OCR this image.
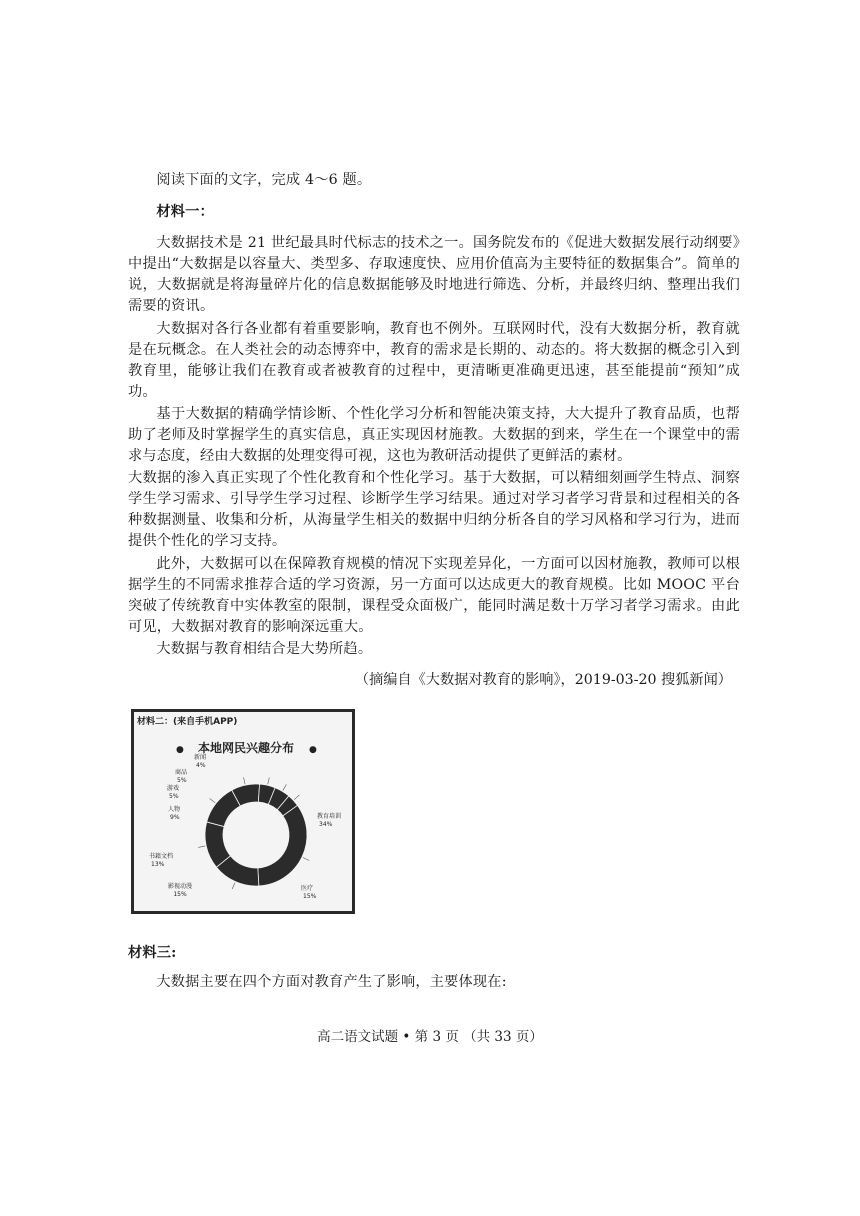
阅读下面的文字，完成 4～6 题。

材料一：

大数据技术是 21 世纪最具时代标志的技术之一。国务院发布的《促进大数据发展行动纲要》中提出“大数据是以容量大、类型多、存取速度快、应用价值高为主要特征的数据集合”。简单的说，大数据就是将海量碎片化的信息数据能够及时地进行筛选、分析，并最终归纳、整理出我们需要的资讯。

大数据对各行各业都有着重要影响，教育也不例外。互联网时代，没有大数据分析，教育就是在玩概念。在人类社会的动态博弈中，教育的需求是长期的、动态的。将大数据的概念引入到教育里，能够让我们在教育或者被教育的过程中，更清晰更准确更迅速，甚至能提前“预知”成功。

基于大数据的精确学情诊断、个性化学习分析和智能决策支持，大大提升了教育品质，也帮助了老师及时掌握学生的真实信息，真正实现因材施教。大数据的到来，学生在一个课堂中的需求与态度，经由大数据的处理变得可视，这也为教研活动提供了更鲜活的素材。

大数据的渗入真正实现了个性化教育和个性化学习。基于大数据，可以精细刻画学生特点、洞察学生学习需求、引导学生学习过程、诊断学生学习结果。通过对学习者学习背景和过程相关的各种数据测量、收集和分析，从海量学生相关的数据中归纳分析各自的学习风格和学习行为，进而提供个性化的学习支持。

此外，大数据可以在保障教育规模的情况下实现差异化，一方面可以因材施教，教师可以根据学生的不同需求推荐合适的学习资源，另一方面可以达成更大的教育规模。比如 MOOC 平台突破了传统教育中实体教室的限制，课程受众面极广，能同时满足数十万学习者学习需求。由此可见，大数据对教育的影响深远重大。

大数据与教育相结合是大势所趋。

（摘编自《大数据对教育的影响》，2019-03-20 搜狐新闻）
材料二：(来自手机APP)
● 本地网民兴趣分布 ●
教育培训
34%
医疗
15%
影视动漫
15%
书籍文档
13%
人物
9%
游戏
5%
商品
5%
新闻
4%

材料三:

大数据主要在四个方面对教育产生了影响，主要体现在:

高二语文试题 • 第 3 页 （共 33 页）
